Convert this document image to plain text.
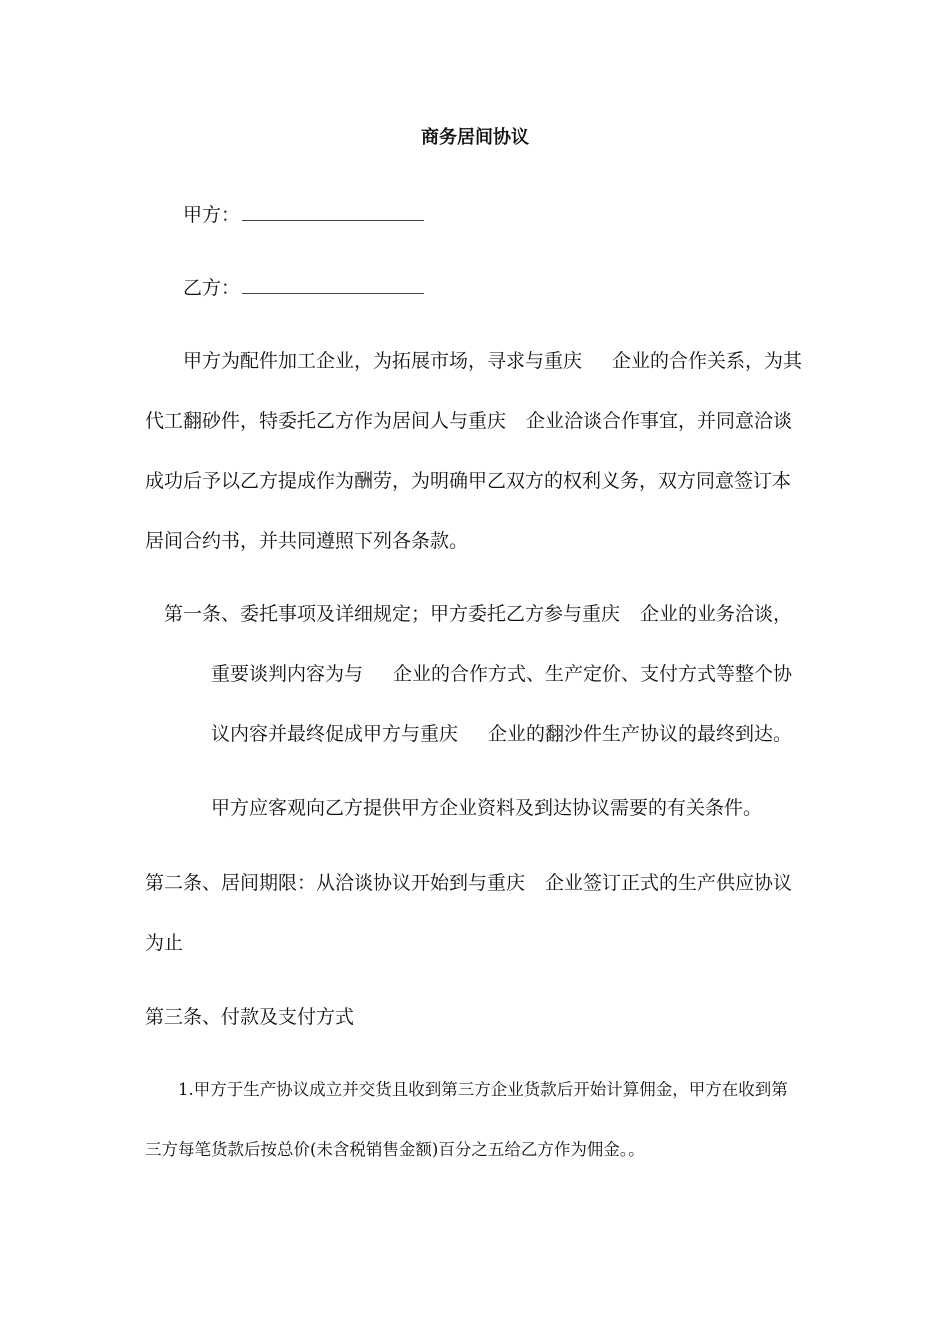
商务居间协议
甲方：
乙方：
甲方为配件加工企业，为拓展市场，寻求与重庆 企业的合作关系，为其
代工翻砂件，特委托乙方作为居间人与重庆 企业洽谈合作事宜，并同意洽谈
成功后予以乙方提成作为酬劳，为明确甲乙双方的权利义务，双方同意签订本
居间合约书，并共同遵照下列各条款。
第一条、委托事项及详细规定；甲方委托乙方参与重庆 企业的业务洽谈，
重要谈判内容为与 企业的合作方式、生产定价、支付方式等整个协
议内容并最终促成甲方与重庆 企业的翻沙件生产协议的最终到达。
甲方应客观向乙方提供甲方企业资料及到达协议需要的有关条件。
第二条、居间期限：从洽谈协议开始到与重庆 企业签订正式的生产供应协议
为止
第三条、付款及支付方式
1.甲方于生产协议成立并交货且收到第三方企业货款后开始计算佣金，甲方在收到第
三方每笔货款后按总价(未含税销售金额)百分之五给乙方作为佣金。。
